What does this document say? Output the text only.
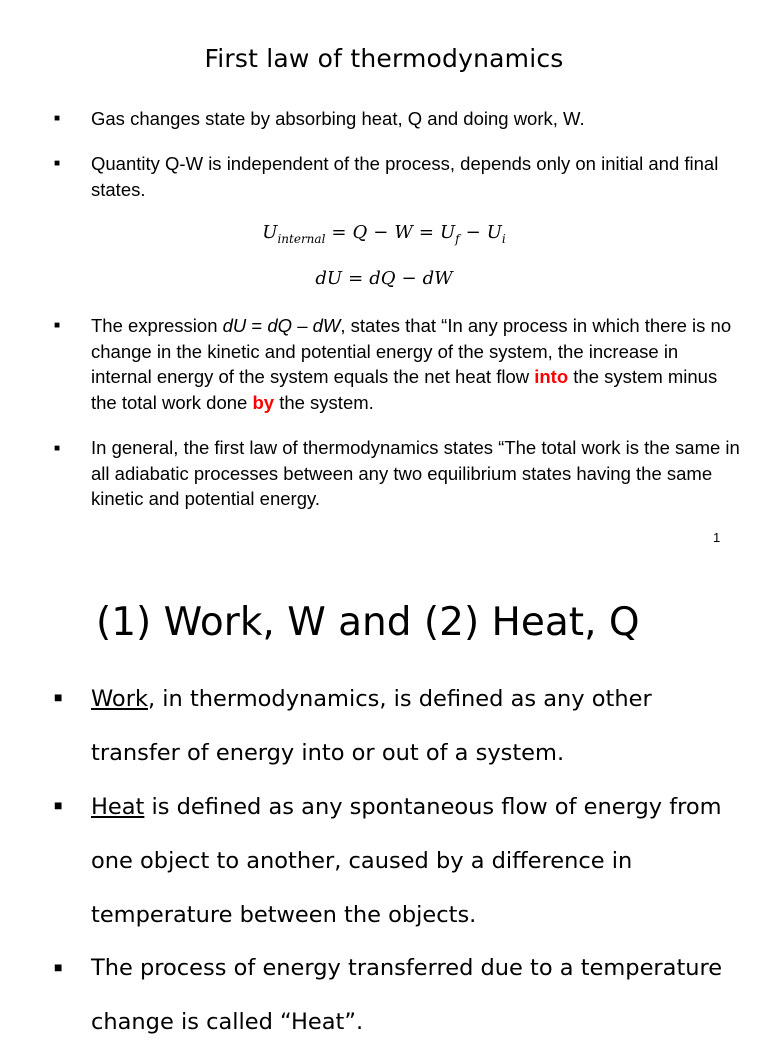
First law of thermodynamics
■ Gas changes state by absorbing heat, Q and doing work, W.
■ Quantity Q-W is independent of the process, depends only on initial and final states.
$U_{internal} = Q - W = U_f - U_i$
dU = dQ − dW
■ The expression dU = dQ – dW, states that “In any process in which there is no change in the kinetic and potential energy of the system, the increase in internal energy of the system equals the net heat flow into the system minus the total work done by the system.
■ In general, the first law of thermodynamics states “The total work is the same in all adiabatic processes between any two equilibrium states having the same kinetic and potential energy.
1
(1) Work, W and (2) Heat, Q
■ Work, in thermodynamics, is defined as any other transfer of energy into or out of a system.
■ Heat is defined as any spontaneous flow of energy from one object to another, caused by a difference in temperature between the objects.
■ The process of energy transferred due to a temperature change is called “Heat”.
